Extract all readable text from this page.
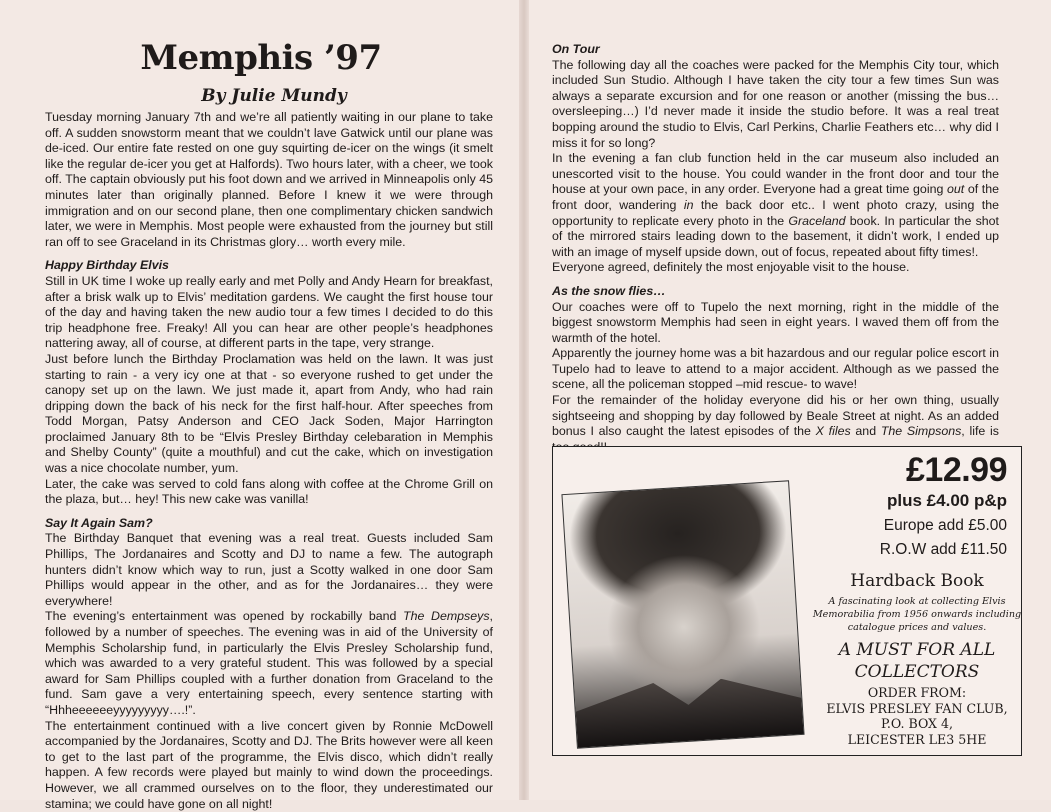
Memphis ’97
By Julie Mundy

Tuesday morning January 7th and we’re all patiently waiting in our plane to take off. A sudden snowstorm meant that we couldn’t lave Gatwick until our plane was de-iced. Our entire fate rested on one guy squirting de-icer on the wings (it smelt like the regular de-icer you get at Halfords). Two hours later, with a cheer, we took off. The captain obviously put his foot down and we arrived in Minneapolis only 45 minutes later than originally planned. Before I knew it we were through immigration and on our second plane, then one complimentary chicken sandwich later, we were in Memphis. Most people were exhausted from the journey but still ran off to see Graceland in its Christmas glory… worth every mile.

Happy Birthday Elvis

Still in UK time I woke up really early and met Polly and Andy Hearn for breakfast, after a brisk walk up to Elvis’ meditation gardens. We caught the first house tour of the day and having taken the new audio tour a few times I decided to do this trip headphone free. Freaky! All you can hear are other people’s headphones nattering away, all of course, at different parts in the tape, very strange.

Just before lunch the Birthday Proclamation was held on the lawn. It was just starting to rain - a very icy one at that - so everyone rushed to get under the canopy set up on the lawn. We just made it, apart from Andy, who had rain dripping down the back of his neck for the first half-hour. After speeches from Todd Morgan, Patsy Anderson and CEO Jack Soden, Major Harrington proclaimed January 8th to be “Elvis Presley Birthday celebaration in Memphis and Shelby County” (quite a mouthful) and cut the cake, which on investigation was a nice chocolate number, yum.

Later, the cake was served to cold fans along with coffee at the Chrome Grill on the plaza, but… hey! This new cake was vanilla!

Say It Again Sam?

The Birthday Banquet that evening was a real treat. Guests included Sam Phillips, The Jordanaires and Scotty and DJ to name a few. The autograph hunters didn’t know which way to run, just a Scotty walked in one door Sam Phillips would appear in the other, and as for the Jordanaires… they were everywhere!

The evening’s entertainment was opened by rockabilly band The Dempseys, followed by a number of speeches. The evening was in aid of the University of Memphis Scholarship fund, in particularly the Elvis Presley Scholarship fund, which was awarded to a very grateful student. This was followed by a special award for Sam Phillips coupled with a further donation from Graceland to the fund. Sam gave a very entertaining speech, every sentence starting with “Hhheeeeeeyyyyyyyyy….!”.

The entertainment continued with a live concert given by Ronnie McDowell accompanied by the Jordanaires, Scotty and DJ. The Brits however were all keen to get to the last part of the programme, the Elvis disco, which didn’t really happen. A few records were played but mainly to wind down the proceedings. However, we all crammed ourselves on to the floor, they underestimated our stamina; we could have gone on all night!

On Tour

The following day all the coaches were packed for the Memphis City tour, which included Sun Studio. Although I have taken the city tour a few times Sun was always a separate excursion and for one reason or another (missing the bus… oversleeping…) I’d never made it inside the studio before. It was a real treat bopping around the studio to Elvis, Carl Perkins, Charlie Feathers etc… why did I miss it for so long?

In the evening a fan club function held in the car museum also included an unescorted visit to the house. You could wander in the front door and tour the house at your own pace, in any order. Everyone had a great time going out of the front door, wandering in the back door etc.. I went photo crazy, using the opportunity to replicate every photo in the Graceland book. In particular the shot of the mirrored stairs leading down to the basement, it didn’t work, I ended up with an image of myself upside down, out of focus, repeated about fifty times!.

Everyone agreed, definitely the most enjoyable visit to the house.

As the snow flies…

Our coaches were off to Tupelo the next morning, right in the middle of the biggest snowstorm Memphis had seen in eight years. I waved them off from the warmth of the hotel.

Apparently the journey home was a bit hazardous and our regular police escort in Tupelo had to leave to attend to a major accident. Although as we passed the scene, all the policeman stopped –mid rescue- to wave!

For the remainder of the holiday everyone did his or her own thing, usually sightseeing and shopping by day followed by Beale Street at night. As an added bonus I also caught the latest episodes of the X files and The Simpsons, life is

£12.99
plus £4.00 p&p
Europe add £5.00
R.O.W add £11.50
Hardback Book
A fascinating look at collecting Elvis Memorabilia from 1956 onwards including catalogue prices and values.
A MUST FOR ALL
COLLECTORS
ORDER FROM:
ELVIS PRESLEY FAN CLUB,
P.O. BOX 4,
LEICESTER LE3 5HE
